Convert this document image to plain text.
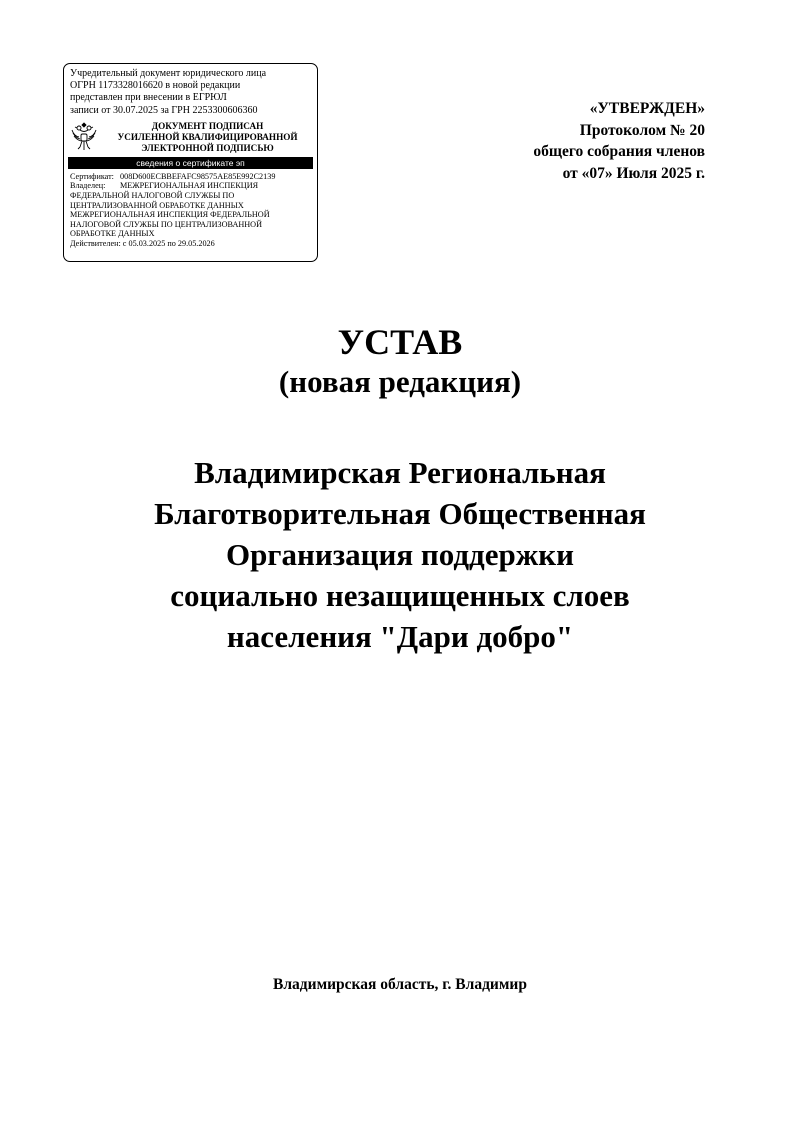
Учредительный документ юридического лица
ОГРН 1173328016620 в новой редакции
представлен при внесении в ЕГРЮЛ
записи от 30.07.2025 за ГРН 2253300606360
ДОКУМЕНТ ПОДПИСАН
УСИЛЕННОЙ КВАЛИФИЦИРОВАННОЙ
ЭЛЕКТРОННОЙ ПОДПИСЬЮ
сведения о сертификате эп
Сертификат: 008D600ECBBEFAFC98575AE85E992C2139
Владелец: МЕЖРЕГИОНАЛЬНАЯ ИНСПЕКЦИЯ
ФЕДЕРАЛЬНОЙ НАЛОГОВОЙ СЛУЖБЫ ПО
ЦЕНТРАЛИЗОВАННОЙ ОБРАБОТКЕ ДАННЫХ
МЕЖРЕГИОНАЛЬНАЯ ИНСПЕКЦИЯ ФЕДЕРАЛЬНОЙ
НАЛОГОВОЙ СЛУЖБЫ ПО ЦЕНТРАЛИЗОВАННОЙ
ОБРАБОТКЕ ДАННЫХ
Действителен: с 05.03.2025 по 29.05.2026
«УТВЕРЖДЕН»
Протоколом № 20
общего собрания членов
от «07» Июля 2025 г.
УСТАВ
(новая редакция)
Владимирская Региональная
Благотворительная Общественная
Организация поддержки
социально незащищенных слоев
населения "Дари добро"
Владимирская область, г. Владимир
